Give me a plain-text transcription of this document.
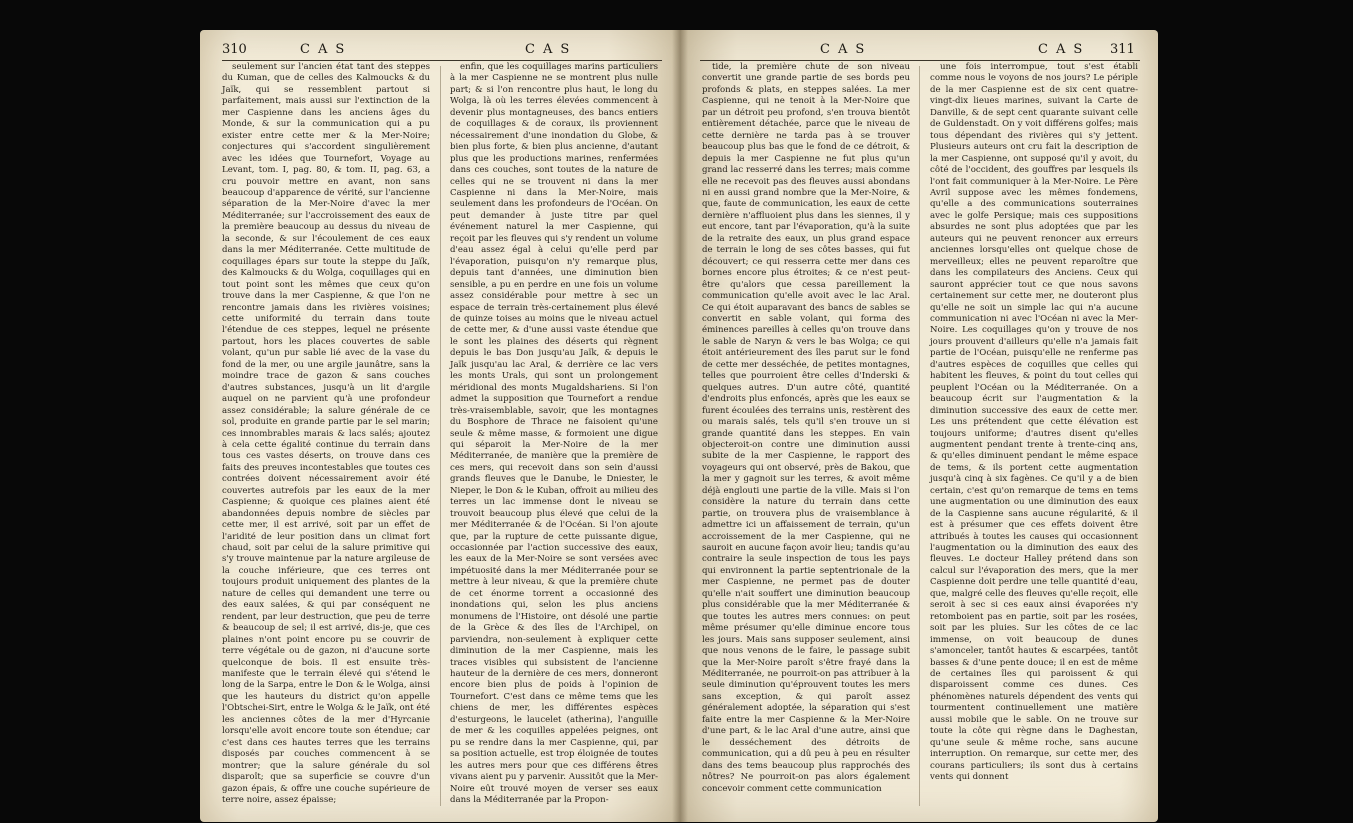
310	CAS	CAS

seulement sur l'ancien état tant des steppes du Kuman, que de celles des Kalmoucks & du Jaïk, qui se ressemblent partout si parfaitement, mais aussi sur l'extinction de la mer Caspienne dans les anciens âges du Monde, & sur la communication qui a pu exister entre cette mer & la Mer-Noire; conjectures qui s'accordent singulièrement avec les idées que Tournefort, Voyage au Levant, tom. I, pag. 80, & tom. II, pag. 63, a cru pouvoir mettre en avant, non sans beaucoup d'apparence de vérité, sur l'ancienne séparation de la Mer-Noire d'avec la mer Méditerranée; sur l'accroissement des eaux de la première beaucoup au dessus du niveau de la seconde, & sur l'écoulement de ces eaux dans la mer Méditerranée. Cette multitude de coquillages épars sur toute la steppe du Jaïk, des Kalmoucks & du Wolga, coquillages qui en tout point sont les mêmes que ceux qu'on trouve dans la mer Caspienne, & que l'on ne rencontre jamais dans les rivières voisines; cette uniformité du terrain dans toute l'étendue de ces steppes, lequel ne présente partout, hors les places couvertes de sable volant, qu'un pur sable lié avec de la vase du fond de la mer, ou une argile jaunâtre, sans la moindre trace de gazon & sans couches d'autres substances, jusqu'à un lit d'argile auquel on ne parvient qu'à une profondeur assez considérable; la salure générale de ce sol, produite en grande partie par le sel marin; ces innombrables marais & lacs salés; ajoutez à cela cette égalité continue du terrain dans tous ces vastes déserts, on trouve dans ces faits des preuves incontestables que toutes ces contrées doivent nécessairement avoir été couvertes autrefois par les eaux de la mer Caspienne; & quoique ces plaines aient été abandonnées depuis nombre de siècles par cette mer, il est arrivé, soit par un effet de l'aridité de leur position dans un climat fort chaud, soit par celui de la salure primitive qui s'y trouve maintenue par la nature argileuse de la couche inférieure, que ces terres ont toujours produit uniquement des plantes de la nature de celles qui demandent une terre ou des eaux salées, & qui par conséquent ne rendent, par leur destruction, que peu de terre & beaucoup de sel; il est arrivé, dis-je, que ces plaines n'ont point encore pu se couvrir de terre végétale ou de gazon, ni d'aucune sorte quelconque de bois. Il est ensuite très-manifeste que le terrain élevé qui s'étend le long de la Sarpa, entre le Don & le Wolga, ainsi que les hauteurs du district qu'on appelle l'Obtschei-Sirt, entre le Wolga & le Jaïk, ont été les anciennes côtes de la mer d'Hyrcanie lorsqu'elle avoit encore toute son étendue; car c'est dans ces hautes terres que les terrains disposés par couches commencent à se montrer; que la salure générale du sol disparoît; que sa superficie se couvre d'un gazon épais, & offre une couche supérieure de terre noire, assez épaisse;

enfin, que les coquillages marins particuliers à la mer Caspienne ne se montrent plus nulle part; & si l'on rencontre plus haut, le long du Wolga, là où les terres élevées commencent à devenir plus montagneuses, des bancs entiers de coquillages & de coraux, ils proviennent nécessairement d'une inondation du Globe, & bien plus forte, & bien plus ancienne, d'autant plus que les productions marines, renfermées dans ces couches, sont toutes de la nature de celles qui ne se trouvent ni dans la mer Caspienne ni dans la Mer-Noire, mais seulement dans les profondeurs de l'Océan. On peut demander à juste titre par quel événement naturel la mer Caspienne, qui reçoit par les fleuves qui s'y rendent un volume d'eau assez égal à celui qu'elle perd par l'évaporation, puisqu'on n'y remarque plus, depuis tant d'années, une diminution bien sensible, a pu en perdre en une fois un volume assez considérable pour mettre à sec un espace de terrain très-certainement plus élevé de quinze toises au moins que le niveau actuel de cette mer, & d'une aussi vaste étendue que le sont les plaines des déserts qui règnent depuis le bas Don jusqu'au Jaïk, & depuis le Jaïk jusqu'au lac Aral, & derrière ce lac vers les monts Urals, qui sont un prolongement méridional des monts Mugaldshariens. Si l'on admet la supposition que Tournefort a rendue très-vraisemblable, savoir, que les montagnes du Bosphore de Thrace ne faisoient qu'une seule & même masse, & formoient une digue qui séparoit la Mer-Noire de la mer Méditerranée, de manière que la première de ces mers, qui recevoit dans son sein d'aussi grands fleuves que le Danube, le Dniester, le Nieper, le Don & le Kuban, offroit au milieu des terres un lac immense dont le niveau se trouvoit beaucoup plus élevé que celui de la mer Méditerranée & de l'Océan. Si l'on ajoute que, par la rupture de cette puissante digue, occasionnée par l'action successive des eaux, les eaux de la Mer-Noire se sont versées avec impétuosité dans la mer Méditerranée pour se mettre à leur niveau, & que la première chute de cet énorme torrent a occasionné des inondations qui, selon les plus anciens monumens de l'Histoire, ont désolé une partie de la Grèce & des îles de l'Archipel, on parviendra, non-seulement à expliquer cette diminution de la mer Caspienne, mais les traces visibles qui subsistent de l'ancienne hauteur de la dernière de ces mers, donneront encore bien plus de poids à l'opinion de Tournefort. C'est dans ce même tems que les chiens de mer, les différentes espèces d'esturgeons, le laucelet (atherina), l'anguille de mer & les coquilles appelées peignes, ont pu se rendre dans la mer Caspienne, qui, par sa position actuelle, est trop éloignée de toutes les autres mers pour que ces différens êtres vivans aient pu y parvenir. Aussitôt que la Mer-Noire eût trouvé moyen de verser ses eaux dans la Méditerranée par la Propon-

CAS	CAS 311

tide, la première chute de son niveau convertit une grande partie de ses bords peu profonds & plats, en steppes salées. La mer Caspienne, qui ne tenoit à la Mer-Noire que par un détroit peu profond, s'en trouva bientôt entièrement détachée, parce que le niveau de cette dernière ne tarda pas à se trouver beaucoup plus bas que le fond de ce détroit, & depuis la mer Caspienne ne fut plus qu'un grand lac resserré dans les terres; mais comme elle ne recevoit pas des fleuves aussi abondans ni en aussi grand nombre que la Mer-Noire, & que, faute de communication, les eaux de cette dernière n'affluoient plus dans les siennes, il y eut encore, tant par l'évaporation, qu'à la suite de la retraite des eaux, un plus grand espace de terrain le long de ses côtes basses, qui fut découvert; ce qui resserra cette mer dans ces bornes encore plus étroites; & ce n'est peut-être qu'alors que cessa pareillement la communication qu'elle avoit avec le lac Aral. Ce qui étoit auparavant des bancs de sables se convertit en sable volant, qui forma des éminences pareilles à celles qu'on trouve dans le sable de Naryn & vers le bas Wolga; ce qui étoit antérieurement des îles parut sur le fond de cette mer desséchée, de petites montagnes, telles que pourroient être celles d'Inderski & quelques autres. D'un autre côté, quantité d'endroits plus enfoncés, après que les eaux se furent écoulées des terrains unis, restèrent des ou marais salés, tels qu'il s'en trouve un si grande quantité dans les steppes. En vain objecteroit-on contre une diminution aussi subite de la mer Caspienne, le rapport des voyageurs qui ont observé, près de Bakou, que la mer y gagnoit sur les terres, & avoit même déjà englouti une partie de la ville. Mais si l'on considère la nature du terrain dans cette partie, on trouvera plus de vraisemblance à admettre ici un affaissement de terrain, qu'un accroissement de la mer Caspienne, qui ne sauroit en aucune façon avoir lieu; tandis qu'au contraire la seule inspection de tous les pays qui environnent la partie septentrionale de la mer Caspienne, ne permet pas de douter qu'elle n'ait souffert une diminution beaucoup plus considérable que la mer Méditerranée & que toutes les autres mers connues: on peut même présumer qu'elle diminue encore tous les jours. Mais sans supposer seulement, ainsi que nous venons de le faire, le passage subit que la Mer-Noire paroît s'être frayé dans la Méditerranée, ne pourroit-on pas attribuer à la seule diminution qu'éprouvent toutes les mers sans exception, & qui paroît assez généralement adoptée, la séparation qui s'est faite entre la mer Caspienne & la Mer-Noire d'une part, & le lac Aral d'une autre, ainsi que le desséchement des détroits de communication, qui a dû peu à peu en résulter dans des tems beaucoup plus rapprochés des nôtres? Ne pourroit-on pas alors également concevoir comment cette communication

une fois interrompue, tout s'est établi comme nous le voyons de nos jours? Le périple de la mer Caspienne est de six cent quatre-vingt-dix lieues marines, suivant la Carte de Danville, & de sept cent quarante suivant celle de Guldenstadt. On y voit différens golfes; mais tous dépendant des rivières qui s'y jettent. Plusieurs auteurs ont cru fait la description de la mer Caspienne, ont supposé qu'il y avoit, du côté de l'occident, des gouffres par lesquels ils l'ont fait communiquer à la Mer-Noire. Le Père Avril suppose avec les mêmes fondemens, qu'elle a des communications souterraines avec le golfe Persique; mais ces suppositions absurdes ne sont plus adoptées que par les auteurs qui ne peuvent renoncer aux erreurs anciennes lorsqu'elles ont quelque chose de merveilleux; elles ne peuvent reparoître que dans les compilateurs des Anciens. Ceux qui sauront apprécier tout ce que nous savons certainement sur cette mer, ne douteront plus qu'elle ne soit un simple lac qui n'a aucune communication ni avec l'Océan ni avec la Mer-Noire. Les coquillages qu'on y trouve de nos jours prouvent d'ailleurs qu'elle n'a jamais fait partie de l'Océan, puisqu'elle ne renferme pas d'autres espèces de coquilles que celles qui habitent les fleuves, & point du tout celles qui peuplent l'Océan ou la Méditerranée. On a beaucoup écrit sur l'augmentation & la diminution successive des eaux de cette mer. Les uns prétendent que cette élévation est toujours uniforme; d'autres disent qu'elles augmentent pendant trente à trente-cinq ans, & qu'elles diminuent pendant le même espace de tems, & ils portent cette augmentation jusqu'à cinq à six fagènes. Ce qu'il y a de bien certain, c'est qu'on remarque de tems en tems une augmentation ou une diminution des eaux de la Caspienne sans aucune régularité, & il est à présumer que ces effets doivent être attribués à toutes les causes qui occasionnent l'augmentation ou la diminution des eaux des fleuves. Le docteur Halley prétend dans son calcul sur l'évaporation des mers, que la mer Caspienne doit perdre une telle quantité d'eau, que, malgré celle des fleuves qu'elle reçoit, elle seroit à sec si ces eaux ainsi évaporées n'y retomboient pas en partie, soit par les rosées, soit par les pluies. Sur les côtes de ce lac immense, on voit beaucoup de dunes s'amonceler, tantôt hautes & escarpées, tantôt basses & d'une pente douce; il en est de même de certaines îles qui paroissent & qui disparoissent comme ces dunes. Ces phénomènes naturels dépendent des vents qui tourmentent continuellement une matière aussi mobile que le sable. On ne trouve sur toute la côte qui règne dans le Daghestan, qu'une seule & même roche, sans aucune interruption. On remarque, sur cette mer, des courans particuliers; ils sont dus à certains vents qui donnent
